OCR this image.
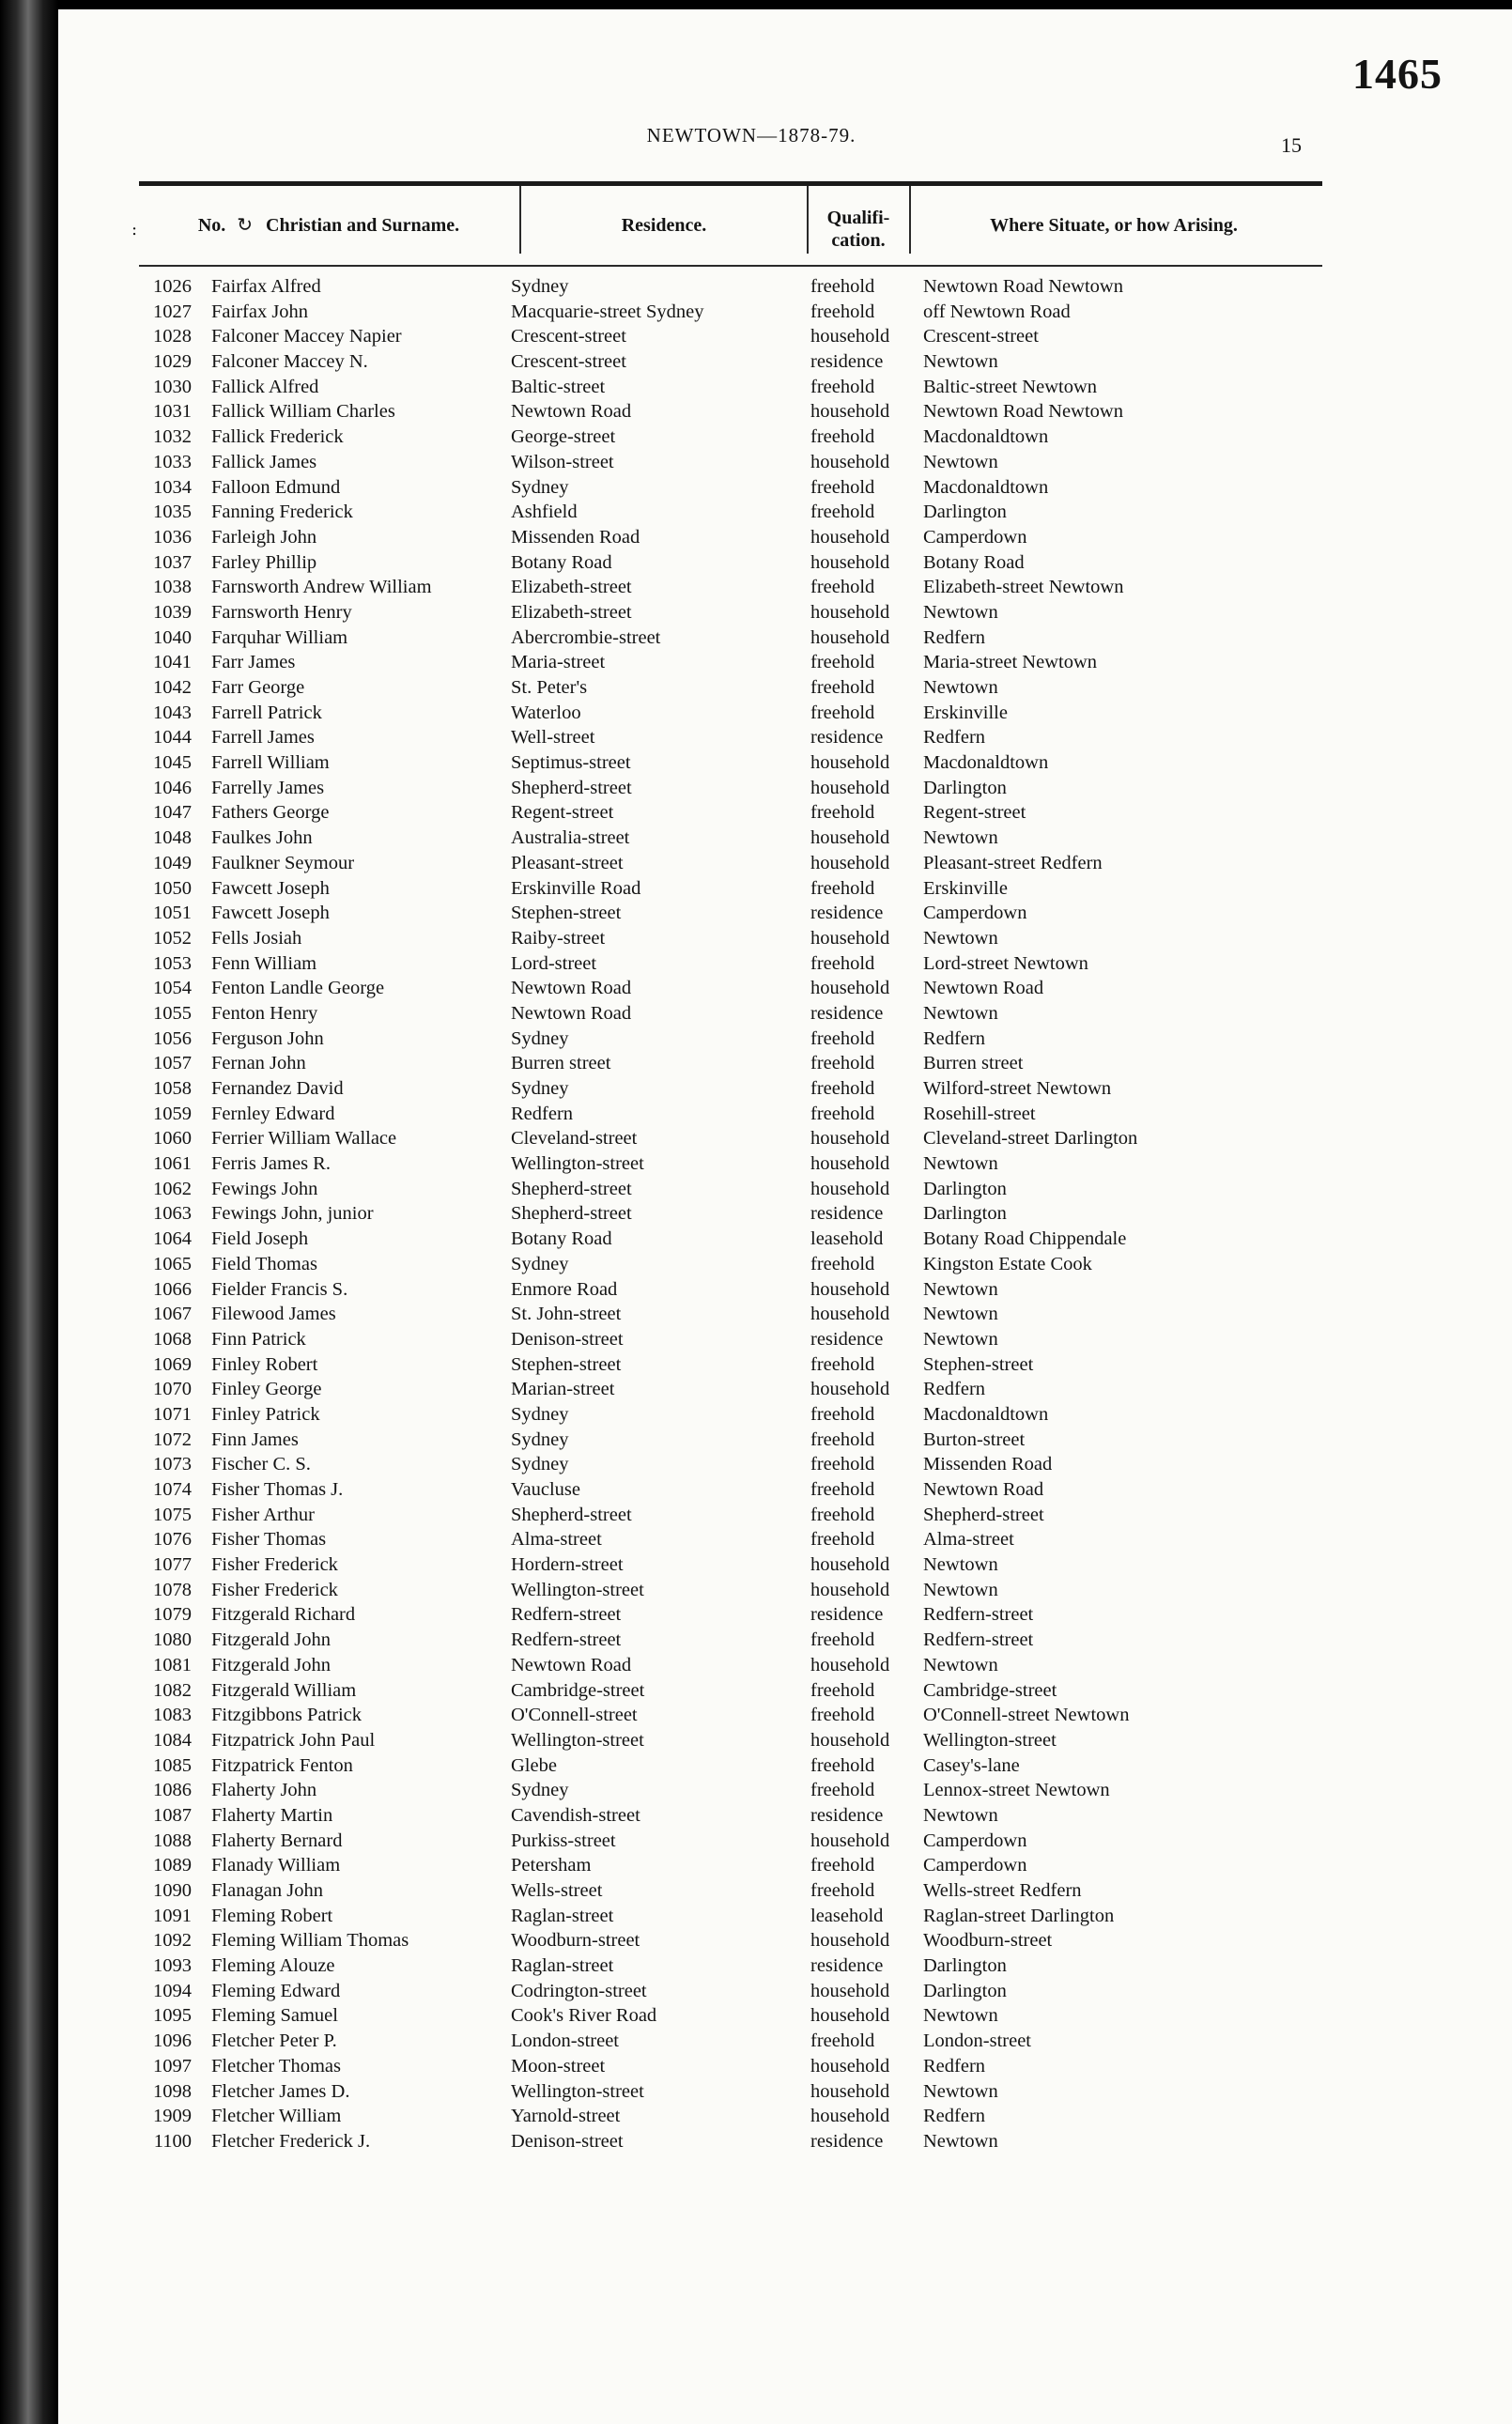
1465
NEWTOWN—1878-79.	15
:	No. ↻ Christian and Surname.	Residence.	Qualifi-cation.
Where Situate, or how Arising.
1026 Fairfax Alfred	Sydney	freehold	Newtown Road Newtown
1027 Fairfax John	Macquarie-street Sydney	freehold	off Newtown Road
1028 Falconer Maccey Napier	Crescent-street	household Crescent-street
1029 Falconer Maccey N.	Crescent-street	residence Newtown
1030 Fallick Alfred	Baltic-street	freehold	Baltic-street Newtown
1031 Fallick William Charles	Newtown Road	household Newtown Road Newtown
1032 Fallick Frederick	George-street	freehold	Macdonaldtown
1033 Fallick James	Wilson-street	household Newtown
1034 Falloon Edmund	Sydney	freehold	Macdonaldtown
1035 Fanning Frederick	Ashfield	freehold	Darlington
1036 Farleigh John	Missenden Road	household Camperdown
1037 Farley Phillip	Botany Road	household Botany Road
1038 Farnsworth Andrew William	Elizabeth-street	freehold	Elizabeth-street Newtown
1039 Farnsworth Henry	Elizabeth-street	household Newtown
1040 Farquhar William	Abercrombie-street	household Redfern
1041 Farr James	Maria-street	freehold	Maria-street Newtown
1042 Farr George	St. Peter's	freehold	Newtown
1043 Farrell Patrick	Waterloo	freehold	Erskinville
1044 Farrell James	Well-street	residence Redfern
1045 Farrell William	Septimus-street	household Macdonaldtown
1046 Farrelly James	Shepherd-street	household Darlington
1047 Fathers George	Regent-street	freehold	Regent-street
1048 Faulkes John	Australia-street	household Newtown
1049 Faulkner Seymour	Pleasant-street	household Pleasant-street Redfern
1050 Fawcett Joseph	Erskinville Road	freehold	Erskinville
1051 Fawcett Joseph	Stephen-street	residence Camperdown
1052 Fells Josiah	Raiby-street	household Newtown
1053 Fenn William	Lord-street	freehold	Lord-street Newtown
1054 Fenton Landle George	Newtown Road	household Newtown Road
1055 Fenton Henry	Newtown Road	residence Newtown
1056 Ferguson John	Sydney	freehold	Redfern
1057 Fernan John	Burren street	freehold	Burren street
1058 Fernandez David	Sydney	freehold	Wilford-street Newtown
1059 Fernley Edward	Redfern	freehold	Rosehill-street
1060 Ferrier William Wallace	Cleveland-street	household Cleveland-street Darlington
1061 Ferris James R.	Wellington-street	household Newtown
1062 Fewings John	Shepherd-street	household Darlington
1063 Fewings John, junior	Shepherd-street	residence Darlington
1064 Field Joseph	Botany Road	leasehold Botany Road Chippendale
1065 Field Thomas	Sydney	freehold	Kingston Estate Cook
1066 Fielder Francis S.	Enmore Road	household Newtown
1067 Filewood James	St. John-street	household Newtown
1068 Finn Patrick	Denison-street	residence Newtown
1069 Finley Robert	Stephen-street	freehold	Stephen-street
1070 Finley George	Marian-street	household Redfern
1071 Finley Patrick	Sydney	freehold	Macdonaldtown
1072 Finn James	Sydney	freehold	Burton-street
1073 Fischer C. S.	Sydney	freehold	Missenden Road
1074 Fisher Thomas J.	Vaucluse	freehold	Newtown Road
1075 Fisher Arthur	Shepherd-street	freehold	Shepherd-street
1076 Fisher Thomas	Alma-street	freehold	Alma-street
1077 Fisher Frederick	Hordern-street	household Newtown
1078 Fisher Frederick	Wellington-street	household Newtown
1079 Fitzgerald Richard	Redfern-street	residence Redfern-street
1080 Fitzgerald John	Redfern-street	freehold	Redfern-street
1081 Fitzgerald John	Newtown Road	household Newtown
1082 Fitzgerald William	Cambridge-street	freehold	Cambridge-street
1083 Fitzgibbons Patrick	O'Connell-street	freehold	O'Connell-street Newtown
1084 Fitzpatrick John Paul	Wellington-street	household Wellington-street
1085 Fitzpatrick Fenton	Glebe	freehold	Casey's-lane
1086 Flaherty John	Sydney	freehold	Lennox-street Newtown
1087 Flaherty Martin	Cavendish-street	residence Newtown
1088 Flaherty Bernard	Purkiss-street	household Camperdown
1089 Flanady William	Petersham	freehold	Camperdown
1090 Flanagan John	Wells-street	freehold	Wells-street Redfern
1091 Fleming Robert	Raglan-street	leasehold Raglan-street Darlington
1092 Fleming William Thomas	Woodburn-street	household Woodburn-street
1093 Fleming Alouze	Raglan-street	residence Darlington
1094 Fleming Edward	Codrington-street	household Darlington
1095 Fleming Samuel	Cook's River Road	household Newtown
1096 Fletcher Peter P.	London-street	freehold	London-street
1097 Fletcher Thomas	Moon-street	household Redfern
1098 Fletcher James D.	Wellington-street	household Newtown
1909 Fletcher William	Yarnold-street	household Redfern
1100 Fletcher Frederick J.	Denison-street	residence Newtown
